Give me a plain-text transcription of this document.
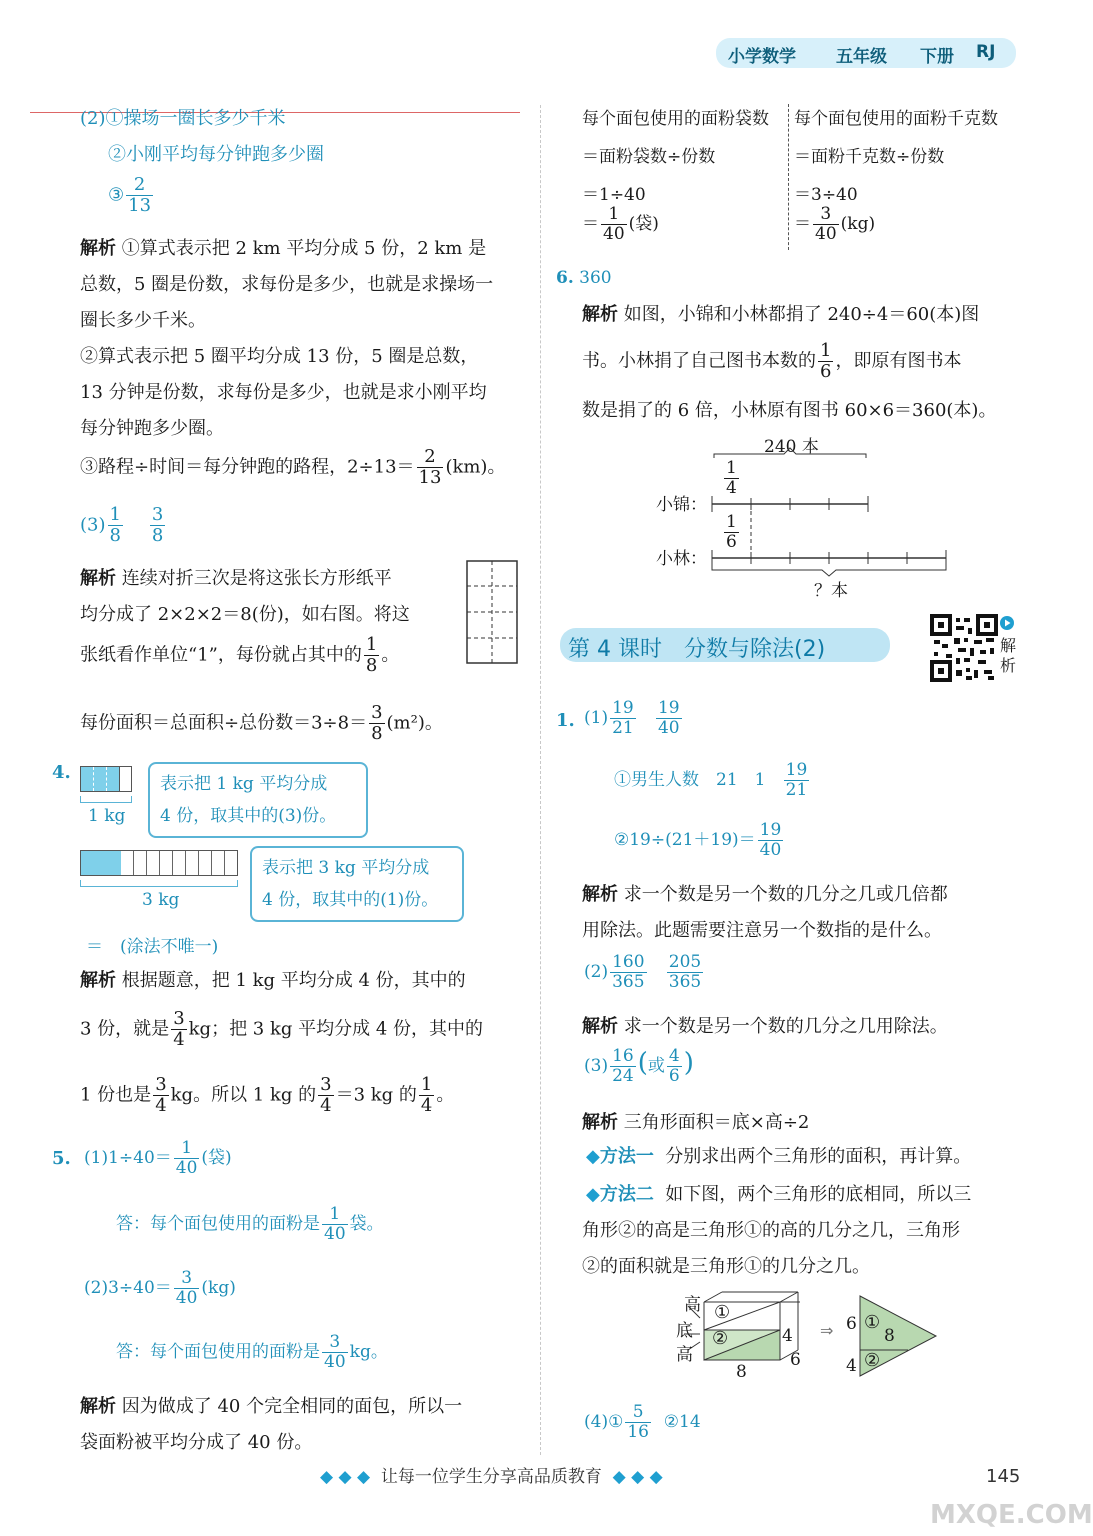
小学数学 五年级 下册 RJ
(2)①操场一圈长多少千米
②小刚平均每分钟跑多少圈
③ $\frac{2}{13}$
解析 ①算式表示把 2 km 平均分成 5 份，2 km 是
总数，5 圈是份数，求每份是多少，也就是求操场一
圈长多少千米。
②算式表示把 5 圈平均分成 13 份，5 圈是总数，
13 分钟是份数，求每份是多少，也就是求小刚平均
每分钟跑多少圈。
③路程÷时间＝每分钟跑的路程，$2\div 13= \frac{2}{13} (km)$。
$(3) \frac{1}{8}$
$\frac{3}{8}$
解析 连续对折三次是将这张长方形纸平
均分成了 2×2×2＝8(份)，如右图。将这
张纸看作单位“1”，每份就占其中的 $\frac{1}{8}$ 。
每份面积＝总面积÷总份数$=3\div 8= \frac{3}{8} (m^2)$。
4.
1 kg
表示把 1 kg 平均分成
4 份，取其中的(3)份。
3 kg
表示把 3 kg 平均分成
4 份，取其中的(1)份。
＝　(涂法不唯一)
解析 根据题意，把 1 kg 平均分成 4 份，其中的
3 份，就是 $\frac{3}{4}$ kg；把 3 kg 平均分成 4 份，其中的
1 份也是 $\frac{3}{4}$ kg。所以 1 kg 的 $\frac{3}{4} =3$ kg 的 $\frac{1}{4}$ 。
5. $(1)1\div 40= \frac{1}{40}$ (袋)
答：每个面包使用的面粉是 $\frac{1}{40}$ 袋。
$(2)3\div 40= \frac{3}{40} (kg)$
答：每个面包使用的面粉是 $\frac{3}{40}$ kg。
解析 因为做成了 40 个完全相同的面包，所以一
袋面粉被平均分成了 40 份。
每个面包使用的面粉袋数
＝面粉袋数÷份数
＝1÷40
＝ $\frac{1}{40}$ (袋)
每个面包使用的面粉千克数
＝面粉千克数÷份数
＝3÷40
＝ $\frac{3}{40} (kg)$
6. 360
解析 如图，小锦和小林都捐了 240÷4＝60(本)图
书。小林捐了自己图书本数的 $\frac{1}{6}$ ，即原有图书本
数是捐了的 6 倍，小林原有图书 60×6＝360(本)。
240 本
小锦：
$\frac{1}{4}$
小林：
$\frac{1}{6}$
？本
第 4 课时　分数与除法(2)	解析
1. $(1) \frac{19}{21}$
$\frac{19}{40}$
①男生人数　21　$1 \frac{19}{21}$
②19÷(21＋19)＝ $\frac{19}{40}$
解析 求一个数是另一个数的几分之几或几倍都
用除法。此题需要注意另一个数指的是什么。
$(2) \frac{160}{365}$
$\frac{205}{365}$
解析 求一个数是另一个数的几分之几用除法。
$(3) \frac{16}{24}$ (或 $\frac{4}{6}$ )
解析 三角形面积＝底×高÷2
◆方法一 分别求出两个三角形的面积，再计算。
◆方法二 如下图，两个三角形的底相同，所以三
角形②的高是三角形①的高的几分之几，三角形
②的面积就是三角形①的几分之几。
⇒
高
底
高
①
②	4
6
8
6
4
①
②
8
(4)① $\frac{5}{16}$ ②14
◆ ◆ ◆ 让每一位学生分享高品质教育 ◆ ◆ ◆	145
MXQE.COM
